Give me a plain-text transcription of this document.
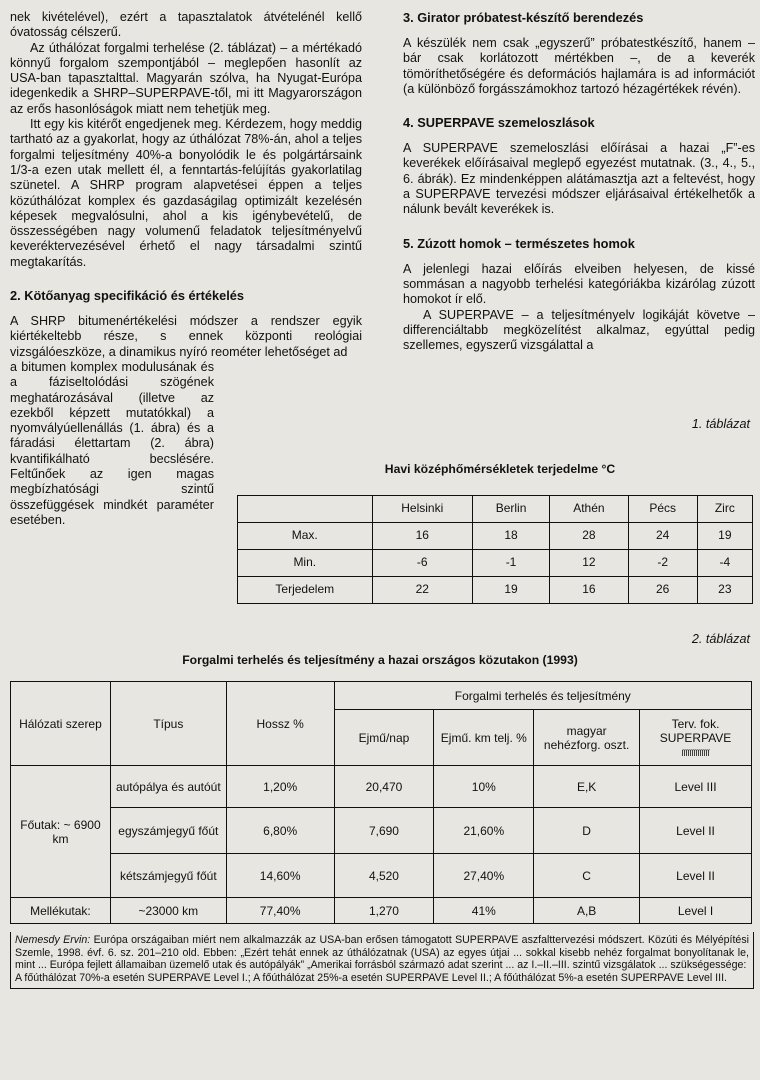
nek kivételével), ezért a tapasztalatok átvételénél kellő óvatosság célszerű.

Az úthálózat forgalmi terhelése (2. táblázat) – a mértékadó könnyű forgalom szempontjából – meglepően hasonlít az USA-ban tapasztalttal. Magyarán szólva, ha Nyugat-Európa idegenkedik a SHRP–SUPERPAVE-től, mi itt Magyarországon az erős hasonlóságok miatt nem tehetjük meg.

Itt egy kis kitérőt engedjenek meg. Kérdezem, hogy meddig tartható az a gyakorlat, hogy az úthálózat 78%-án, ahol a teljes forgalmi teljesítmény 40%-a bonyolódik le és polgártársaink 1/3-a ezen utak mellett él, a fenntartás-felújítás gyakorlatilag szünetel. A SHRP program alapvetései éppen a teljes közúthálózat komplex és gazdaságilag optimizált kezelésén képesek megvalósulni, ahol a kis igénybevételű, de összességében nagy volumenű feladatok teljesítményelvű keveréktervezésével érhető el nagy társadalmi szintű megtakarítás.

2. Kötőanyag specifikáció és értékelés

A SHRP bitumenértékelési módszer a rendszer egyik kiértékeltebb része, s ennek központi reológiai vizsgálóeszköze, a dinamikus nyíró reométer lehetőséget ad

a bitumen komplex modulusának és a fáziseltolódási szögének meghatározásával (illetve az ezekből képzett mutatókkal) a nyomvályúellenállás (1. ábra) és a fáradási élettartam (2. ábra) kvantifikálható becslésére. Feltűnőek az igen magas megbízhatósági szintű összefüggések mindkét paraméter esetében.

3. Girator próbatest-készítő berendezés

A készülék nem csak „egyszerű” próbatestkészítő, hanem – bár csak korlátozott mértékben –, de a keverék tömöríthetőségére és deformációs hajlamára is ad információt (a különböző forgásszámokhoz tartozó hézagértékek révén).

4. SUPERPAVE szemeloszlások

A SUPERPAVE szemeloszlási előírásai a hazai „F”-es keverékek előírásaival meglepő egyezést mutatnak. (3., 4., 5., 6. ábrák). Ez mindenképpen alátámasztja azt a feltevést, hogy a SUPERPAVE tervezési módszer eljárásaival értékelhetők a nálunk bevált keverékek is.

5. Zúzott homok – természetes homok

A jelenlegi hazai előírás elveiben helyesen, de kissé sommásan a nagyobb terhelési kategóriákba kizárólag zúzott homokot ír elő.

A SUPERPAVE – a teljesítményelv logikáját követve – differenciáltabb megközelítést alkalmaz, egyúttal pedig szellemes, egyszerű vizsgálattal a

1. táblázat
Havi középhőmérsékletek terjedelme °C
	Helsinki	Berlin	Athén	Pécs	Zirc
Max.	16	18	28	24	19
Min.	-6	-1	12	-2	-4
Terjedelem	22	19	16	26	23
2. táblázat
Forgalmi terhelés és teljesítmény a hazai országos közutakon (1993)
Hálózati szerep	Típus	Hossz %	Forgalmi terhelés és teljesítmény			
			Ejmű/nap	Ejmű. km telj. %	magyar nehézforg. oszt.	Terv. fok. SUPERPAVE
ſſſſſſſſſſſſſſ
Főutak: ~ 6900 km	autópálya és autóút	1,20%	20,470	10%	E,K	Level III
	egyszámjegyű főút	6,80%	7,690	21,60%	D	Level II
	kétszámjegyű főút	14,60%	4,520	27,40%	C	Level II
Mellékutak:	~23000 km	77,40%	1,270	41%	A,B	Level I
Nemesdy Ervin: Európa országaiban miért nem alkalmazzák az USA-ban erősen támogatott SUPERPAVE aszfalttervezési módszert. Közúti és Mélyépítési Szemle, 1998. évf. 6. sz. 201–210 old. Ebben: „Ezért tehát ennek az úthálózatnak (USA) az egyes útjai ... sokkal kisebb nehéz forgalmat bonyolítanak le, mint ... Európa fejlett államaiban üzemelő utak és autópályák” „Amerikai forrásból származó adat szerint ... az I.–II.–III. szintű vizsgálatok ... szükségessége:
A főúthálózat 70%-a esetén SUPERPAVE Level I.; A főúthálózat 25%-a esetén SUPERPAVE Level II.; A főúthálózat 5%-a esetén SUPERPAVE Level III.
